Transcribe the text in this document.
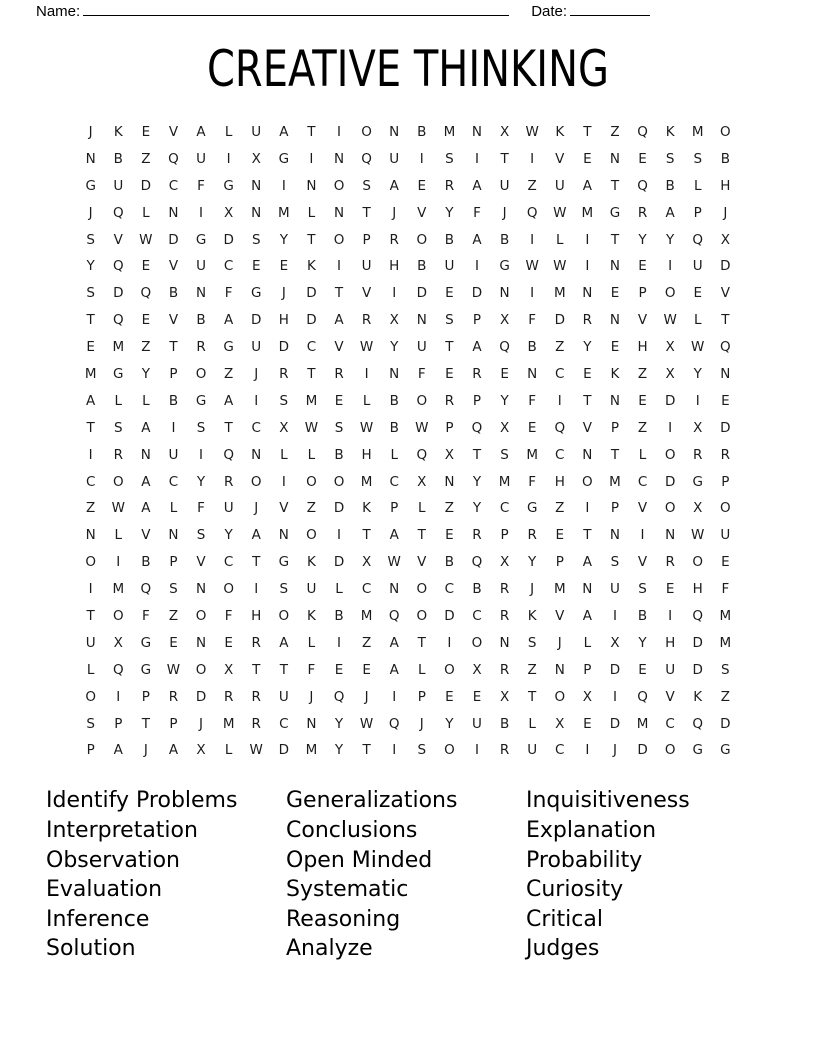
Name:	Date:
CREATIVE THINKING
J	K	E	V	A	L	U	A	T	I	O	N	B	M	N	X	W	K	T	Z	Q	K	M	O
N	B	Z	Q	U	I	X	G	I	N	Q	U	I	S	I	T	I	V	E	N	E	S	S	B
G	U	D	C	F	G	N	I	N	O	S	A	E	R	A	U	Z	U	A	T	Q	B	L	H
J	Q	L	N	I	X	N	M	L	N	T	J	V	Y	F	J	Q	W	M	G	R	A	P	J
S	V	W	D	G	D	S	Y	T	O	P	R	O	B	A	B	I	L	I	T	Y	Y	Q	X
Y	Q	E	V	U	C	E	E	K	I	U	H	B	U	I	G	W	W	I	N	E	I	U	D
S	D	Q	B	N	F	G	J	D	T	V	I	D	E	D	N	I	M	N	E	P	O	E	V
T	Q	E	V	B	A	D	H	D	A	R	X	N	S	P	X	F	D	R	N	V	W	L	T
E	M	Z	T	R	G	U	D	C	V	W	Y	U	T	A	Q	B	Z	Y	E	H	X	W	Q
M	G	Y	P	O	Z	J	R	T	R	I	N	F	E	R	E	N	C	E	K	Z	X	Y	N
A	L	L	B	G	A	I	S	M	E	L	B	O	R	P	Y	F	I	T	N	E	D	I	E
T	S	A	I	S	T	C	X	W	S	W	B	W	P	Q	X	E	Q	V	P	Z	I	X	D
I	R	N	U	I	Q	N	L	L	B	H	L	Q	X	T	S	M	C	N	T	L	O	R	R
C	O	A	C	Y	R	O	I	O	O	M	C	X	N	Y	M	F	H	O	M	C	D	G	P
Z	W	A	L	F	U	J	V	Z	D	K	P	L	Z	Y	C	G	Z	I	P	V	O	X	O
N	L	V	N	S	Y	A	N	O	I	T	A	T	E	R	P	R	E	T	N	I	N	W	U
O	I	B	P	V	C	T	G	K	D	X	W	V	B	Q	X	Y	P	A	S	V	R	O	E
I	M	Q	S	N	O	I	S	U	L	C	N	O	C	B	R	J	M	N	U	S	E	H	F
T	O	F	Z	O	F	H	O	K	B	M	Q	O	D	C	R	K	V	A	I	B	I	Q	M
U	X	G	E	N	E	R	A	L	I	Z	A	T	I	O	N	S	J	L	X	Y	H	D	M
L	Q	G	W	O	X	T	T	F	E	E	A	L	O	X	R	Z	N	P	D	E	U	D	S
O	I	P	R	D	R	R	U	J	Q	J	I	P	E	E	X	T	O	X	I	Q	V	K	Z
S	P	T	P	J	M	R	C	N	Y	W	Q	J	Y	U	B	L	X	E	D	M	C	Q	D
P	A	J	A	X	L	W	D	M	Y	T	I	S	O	I	R	U	C	I	J	D	O	G	G
Identify Problems
Interpretation
Observation
Evaluation
Inference
Solution
Generalizations
Conclusions
Open Minded
Systematic
Reasoning
Analyze
Inquisitiveness
Explanation
Probability
Curiosity
Critical
Judges
